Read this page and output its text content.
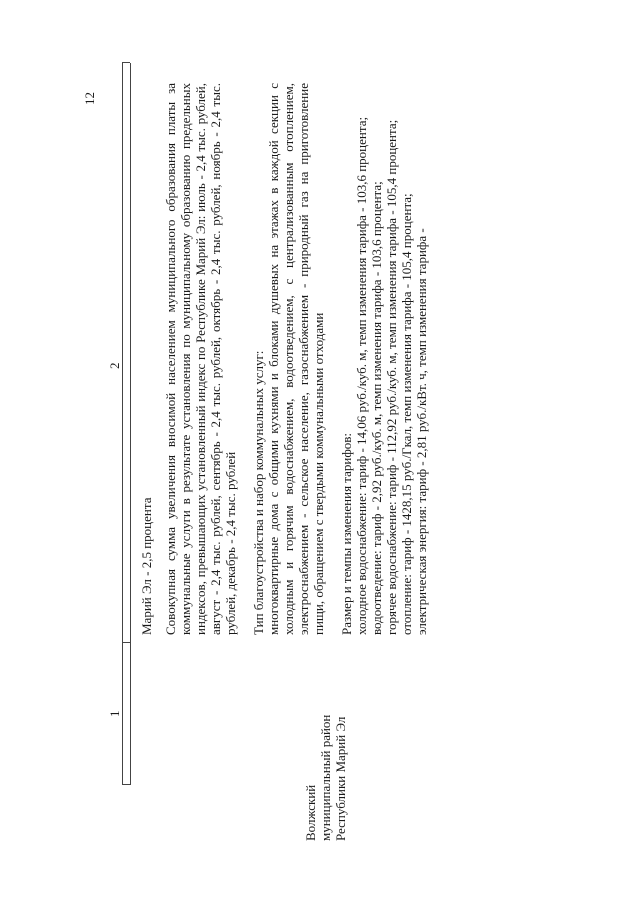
12
1
2
Волжский муниципальный район Республики Марий Эл
Марий Эл - 2,5 процента Совокупная сумма увеличения вносимой населением муниципального образования платы за коммунальные услуги в результате установления по муниципальному образованию предельных индексов, превышающих установленный индекс по Республике Марий Эл: июль - 2,4 тыс. рублей, август - 2,4 тыс. рублей, сентябрь - 2,4 тыс. рублей, октябрь - 2,4 тыс. рублей, ноябрь - 2,4 тыс. рублей, декабрь - 2,4 тыс. рублей Тип благоустройства и набор коммунальных услуг: многоквартирные дома с общими кухнями и блоками душевых на этажах в каждой секции с холодным и горячим водоснабжением, водоотведением, с централизованным отоплением, электроснабжением - сельское население, газоснабжением - природный газ на приготовление пищи, обращением с твердыми коммунальными отходами Размер и темпы изменения тарифов: холодное водоснабжение: тариф - 14,06 руб./куб. м, темп изменения тарифа - 103,6 процента; водоотведение: тариф - 2,92 руб./куб. м, темп изменения тарифа - 103,6 процента; горячее водоснабжение: тариф - 112,92 руб./куб. м, темп изменения тарифа - 105,4 процента; отопление: тариф - 1428,15 руб./Гкал, темп изменения тарифа - 105,4 процента; электрическая энергия: тариф - 2,81 руб./кВт. ч, темп изменения тарифа -
